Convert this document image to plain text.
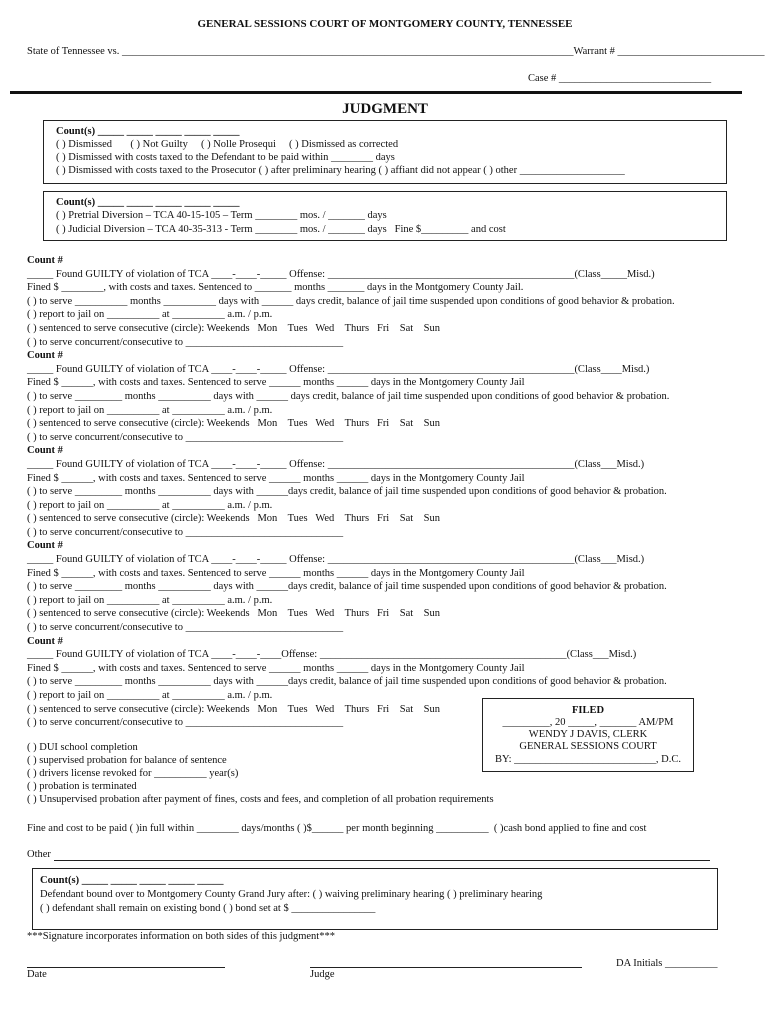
GENERAL SESSIONS COURT OF MONTGOMERY COUNTY, TENNESSEE
State of Tennessee vs. ______________________________________________________________________________________Warrant # ____________________________
Case # _____________________________
JUDGMENT
Count(s) _____ _____ _____ _____ _____
( ) Dismissed       ( ) Not Guilty     ( ) Nolle Prosequi     ( ) Dismissed as corrected
( ) Dismissed with costs taxed to the Defendant to be paid within ________ days
( ) Dismissed with costs taxed to the Prosecutor ( ) after preliminary hearing ( ) affiant did not appear ( ) other ____________________
Count(s) _____ _____ _____ _____ _____
( ) Pretrial Diversion – TCA 40-15-105 – Term ________ mos. / _______ days
( ) Judicial Diversion – TCA 40-35-313 - Term ________ mos. / _______ days   Fine $_________ and cost
Count #
_____ Found GUILTY of violation of TCA ____-____-_____ Offense: _______________________________________________(Class_____Misd.)
Fined $ ________, with costs and taxes. Sentenced to _______ months _______ days in the Montgomery County Jail.
( ) to serve __________ months __________ days with ______ days credit, balance of jail time suspended upon conditions of good behavior & probation.
( ) report to jail on __________ at __________ a.m. / p.m.
( ) sentenced to serve consecutive (circle): Weekends   Mon    Tues   Wed    Thurs   Fri    Sat    Sun
( ) to serve concurrent/consecutive to ______________________________
Count #
_____ Found GUILTY of violation of TCA ____-____-_____ Offense: _______________________________________________(Class____Misd.)
Fined $ ______, with costs and taxes. Sentenced to serve ______ months ______ days in the Montgomery County Jail
( ) to serve _________ months __________ days with ______ days credit, balance of jail time suspended upon conditions of good behavior & probation.
( ) report to jail on __________ at __________ a.m. / p.m.
( ) sentenced to serve consecutive (circle): Weekends   Mon    Tues   Wed    Thurs   Fri    Sat    Sun
( ) to serve concurrent/consecutive to ______________________________
Count #
_____ Found GUILTY of violation of TCA ____-____-_____ Offense: _______________________________________________(Class___Misd.)
Fined $ ______, with costs and taxes. Sentenced to serve ______ months ______ days in the Montgomery County Jail
( ) to serve _________ months __________ days with ______days credit, balance of jail time suspended upon conditions of good behavior & probation.
( ) report to jail on __________ at __________ a.m. / p.m.
( ) sentenced to serve consecutive (circle): Weekends   Mon    Tues   Wed    Thurs   Fri    Sat    Sun
( ) to serve concurrent/consecutive to ______________________________
Count #
_____ Found GUILTY of violation of TCA ____-____-_____ Offense: _______________________________________________(Class___Misd.)
Fined $ ______, with costs and taxes. Sentenced to serve ______ months ______ days in the Montgomery County Jail
( ) to serve _________ months __________ days with ______days credit, balance of jail time suspended upon conditions of good behavior & probation.
( ) report to jail on __________ at __________ a.m. / p.m.
( ) sentenced to serve consecutive (circle): Weekends   Mon    Tues   Wed    Thurs   Fri    Sat    Sun
( ) to serve concurrent/consecutive to ______________________________
Count #
_____ Found GUILTY of violation of TCA ____-____-____Offense: _______________________________________________(Class___Misd.)
Fined $ ______, with costs and taxes. Sentenced to serve ______ months ______ days in the Montgomery County Jail
( ) to serve _________ months __________ days with ______days credit, balance of jail time suspended upon conditions of good behavior & probation.
( ) report to jail on __________ at __________ a.m. / p.m.
( ) sentenced to serve consecutive (circle): Weekends   Mon    Tues   Wed    Thurs   Fri    Sat    Sun
( ) to serve concurrent/consecutive to ______________________________
FILED
_________, 20 _____, _______ AM/PM
WENDY J DAVIS, CLERK
GENERAL SESSIONS COURT
BY: ___________________________, D.C.
( ) DUI school completion
( ) supervised probation for balance of sentence
( ) drivers license revoked for __________ year(s)
( ) probation is terminated
( ) Unsupervised probation after payment of fines, costs and fees, and completion of all probation requirements
Fine and cost to be paid ( )in full within ________ days/months ( )$______ per month beginning __________  ( )cash bond applied to fine and cost
Other
Count(s) _____ _____ _____ _____ _____
Defendant bound over to Montgomery County Grand Jury after: ( ) waiving preliminary hearing ( ) preliminary hearing
( ) defendant shall remain on existing bond ( ) bond set at $ ________________
***Signature incorporates information on both sides of this judgment***
DA Initials __________
Date	Judge
